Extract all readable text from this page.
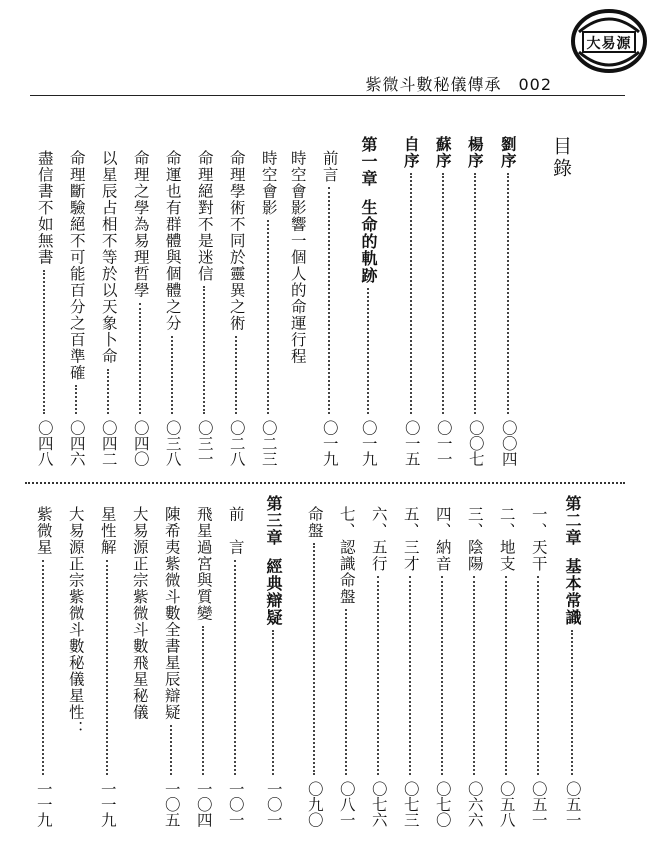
大易源
紫微斗數秘儀傳承　002
目錄
劉序
〇〇四
楊序
〇〇七
蘇序
〇一一
自序
〇一五
第一章生命的軌跡
〇一九
前言
〇一九
時空會影響一個人的命運行程
時空會影
〇二三
命理學術不同於靈異之術
〇二八
命理絕對不是迷信
〇三一
命運也有群體與個體之分
〇三八
命理之學為易理哲學
〇四〇
以星辰占相不等於以天象卜命
〇四二
命理斷驗絕不可能百分之百準確
〇四六
盡信書不如無書
〇四八
第二章基本常識
〇五一
一、天干
〇五一
二、地支
〇五八
三、陰陽
〇六六
四、納音
〇七〇
五、三才
〇七三
六、五行
〇七六
七、認識命盤
〇八一
命盤
〇九〇
第三章經典辯疑
一〇一
前　言
一〇一
飛星過宮與質變
一〇四
陳希夷紫微斗數全書星辰辯疑
一〇五
大易源正宗紫微斗數飛星秘儀
星性解
一一九
大易源正宗紫微斗數秘儀星性：
紫微星
一一九
